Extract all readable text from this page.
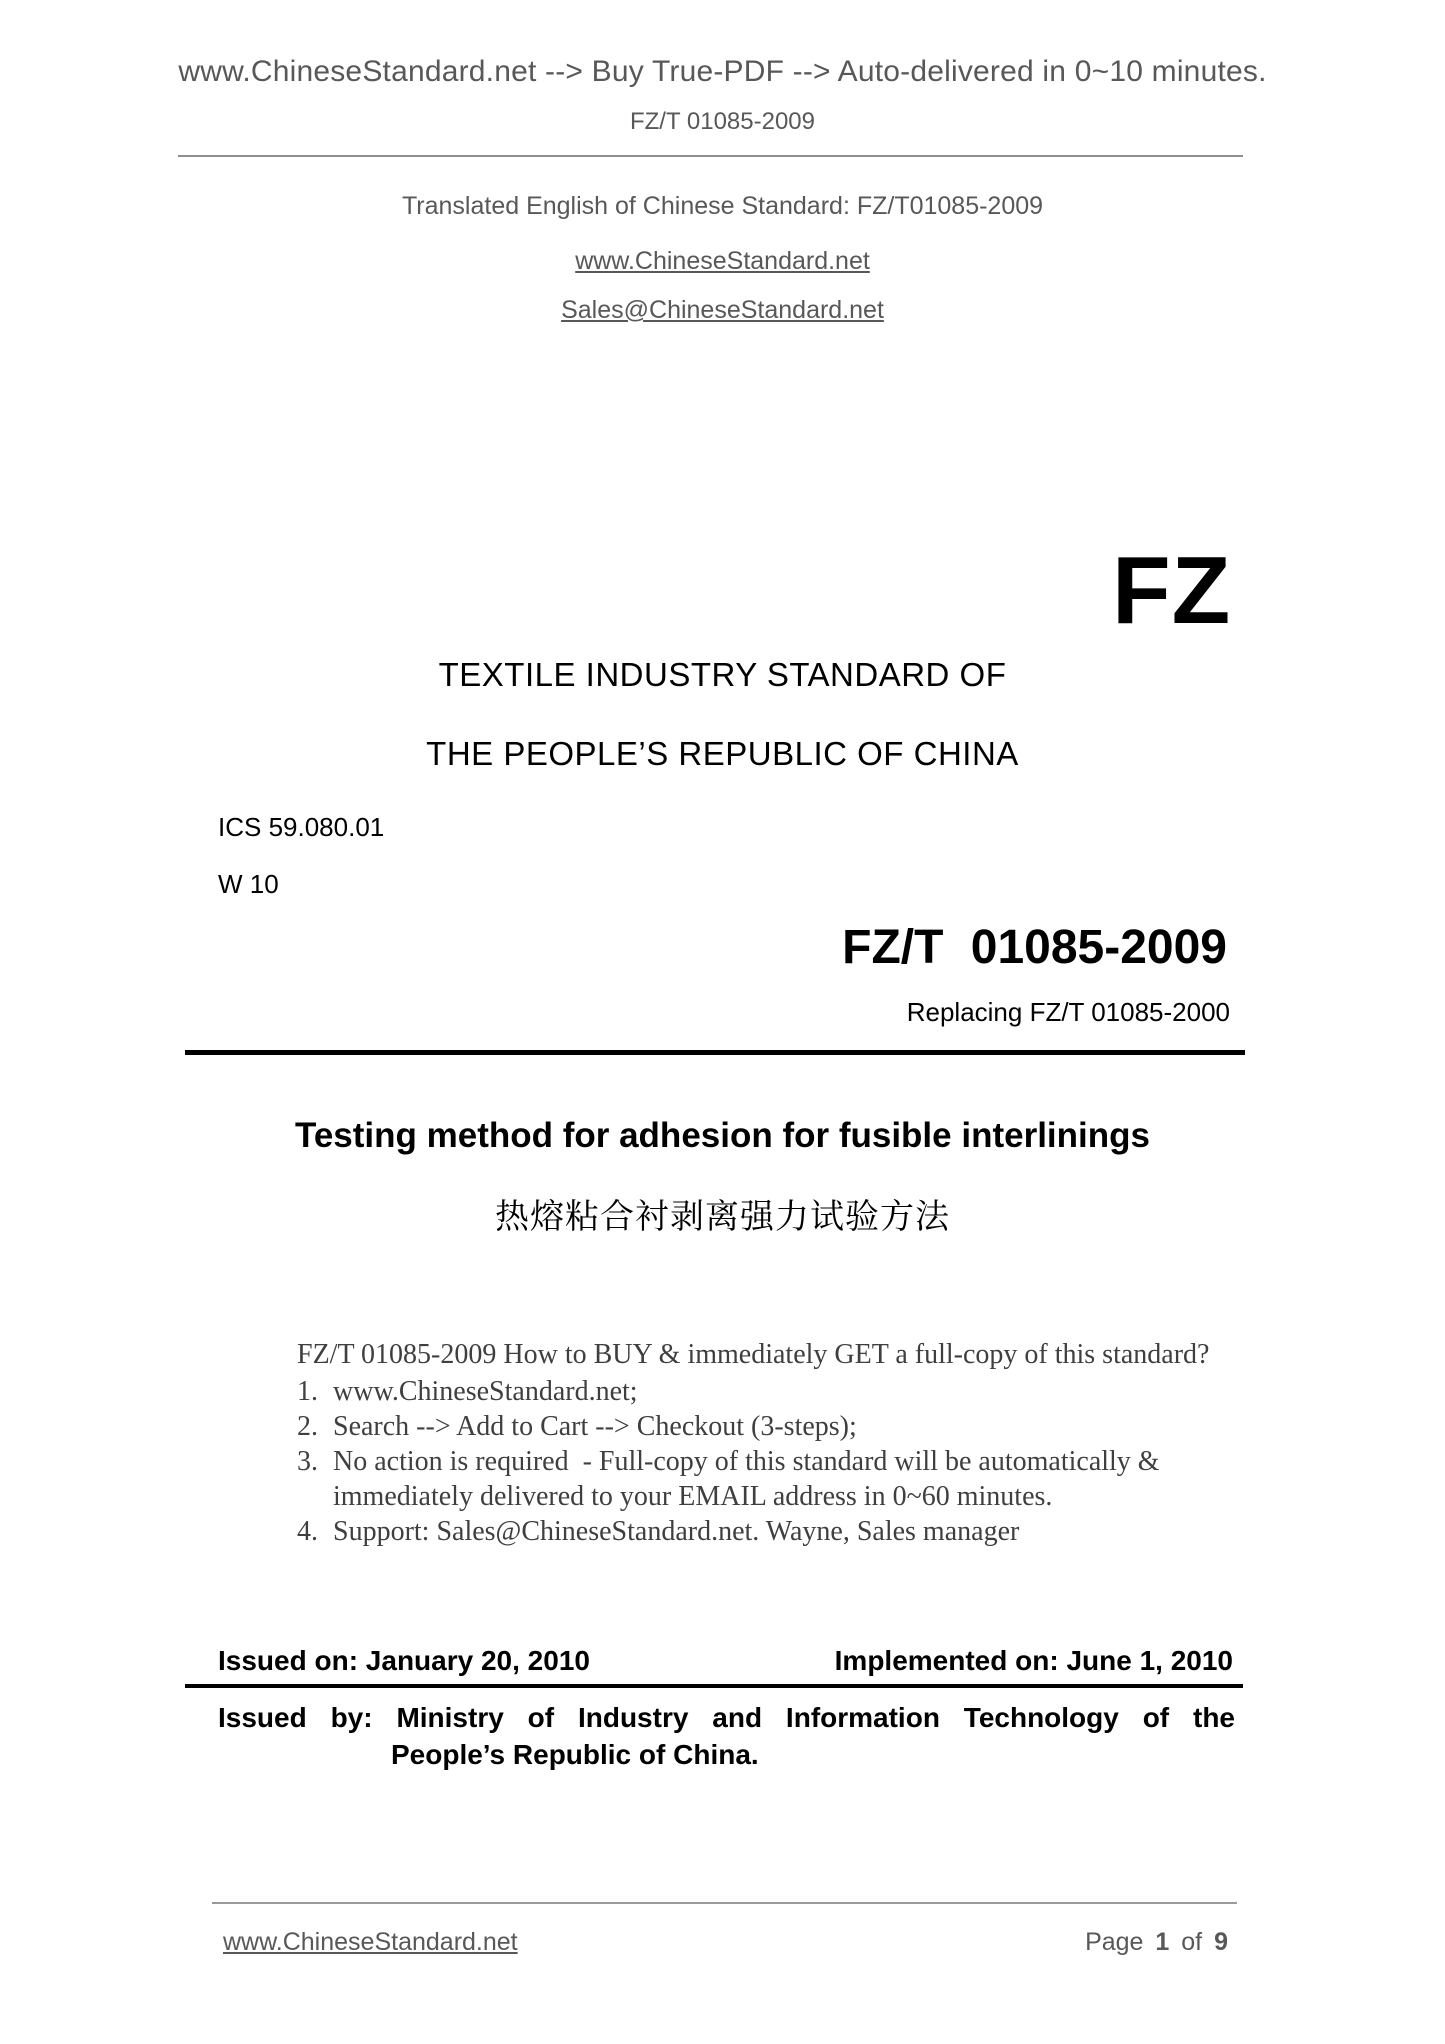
www.ChineseStandard.net --> Buy True-PDF --> Auto-delivered in 0~10 minutes.
FZ/T 01085-2009
Translated English of Chinese Standard: FZ/T01085-2009
www.ChineseStandard.net
Sales@ChineseStandard.net
FZ
TEXTILE INDUSTRY STANDARD OF
THE PEOPLE’S REPUBLIC OF CHINA
ICS 59.080.01
W 10
FZ/T 01085-2009
Replacing FZ/T 01085-2000
Testing method for adhesion for fusible interlinings
热熔粘合衬剥离强力试验方法
FZ/T 01085-2009 How to BUY & immediately GET a full-copy of this standard?
1. www.ChineseStandard.net;
2. Search --> Add to Cart --> Checkout (3-steps);
3. No action is required  - Full-copy of this standard will be automatically & immediately delivered to your EMAIL address in 0~60 minutes.
4. Support: Sales@ChineseStandard.net. Wayne, Sales manager
Issued on: January 20, 2010	Implemented on: June 1, 2010
Issued by: Ministry of Industry and Information Technology of the
People’s Republic of China.
www.ChineseStandard.net	Page 1 of 9
